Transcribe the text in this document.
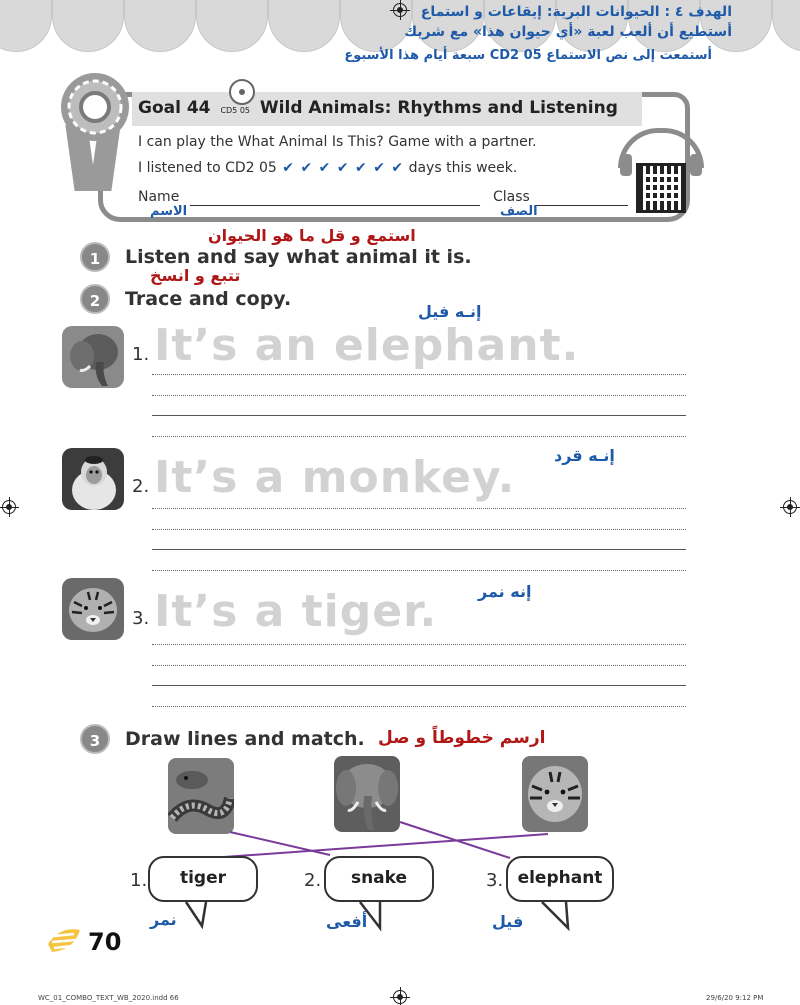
الهدف ٤ : الحيوانات البرية: إيقاعات و استماع
أستطيع أن ألعب لعبة «أي حيوان هذا» مع شريك
أستمعت إلى نص الاستماع CD2 05 سبعة أيام هذا الأسبوع
Goal 44 CD5 05 Wild Animals: Rhythms and Listening
I can play the What Animal Is This? Game with a partner.
I listened to CD2 05 ✔ ✔ ✔ ✔ ✔ ✔ ✔ days this week.
Name
الاسم
Class
الصف
استمع و قل ما هو الحيوان
1	Listen and say what animal it is.
تتبع و انسخ
2	Trace and copy.
إنـه فيل
1. It’s an elephant.
إنـه قرد
2. It’s a monkey.
إنه نمر
3. It’s a tiger.
3	Draw lines and match. ارسم خطوطاً و صل
1.	tiger
نمر
2.	snake
أفعى
3. elephant
فيل
70
WC_01_COMBO_TEXT_WB_2020.indd 66	29/6/20 9:12 PM
